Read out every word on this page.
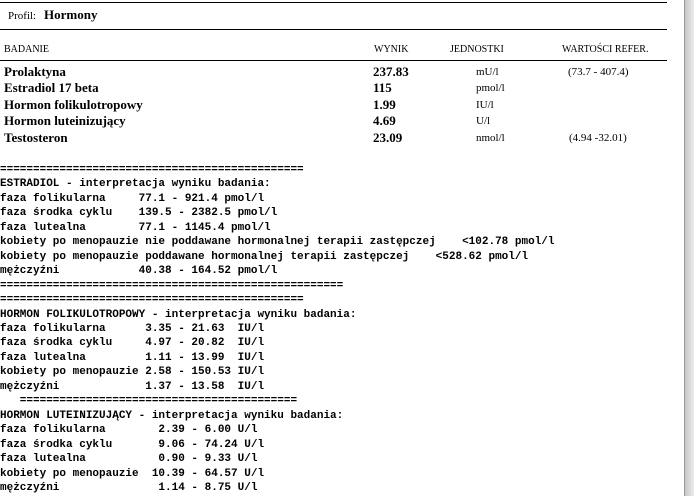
Profil: Hormony
BADANIE	WYNIK	JEDNOSTKI	WARTOŚCI REFER.
Prolaktyna	237.83	mU/l	(73.7 - 407.4)
Estradiol 17 beta	115	pmol/l
Hormon folikulotropowy	1.99	IU/l
Hormon luteinizujący	4.69	U/l
Testosteron	23.09	nmol/l	(4.94 -32.01)
==============================================
ESTRADIOL - interpretacja wyniku badania:
faza folikularna     77.1 - 921.4 pmol/l
faza środka cyklu    139.5 - 2382.5 pmol/l
faza lutealna        77.1 - 1145.4 pmol/l
kobiety po menopauzie nie poddawane hormonalnej terapii zastępczej    <102.78 pmol/l
kobiety po menopauzie poddawane hormonalnej terapii zastępczej    <528.62 pmol/l
mężczyźni            40.38 - 164.52 pmol/l
====================================================
==============================================
HORMON FOLIKULOTROPOWY - interpretacja wyniku badania:
faza folikularna      3.35 - 21.63  IU/l
faza środka cyklu     4.97 - 20.82  IU/l
faza lutealna         1.11 - 13.99  IU/l
kobiety po menopauzie 2.58 - 150.53 IU/l
mężczyźni             1.37 - 13.58  IU/l
==========================================
HORMON LUTEINIZUJĄCY - interpretacja wyniku badania:
faza folikularna        2.39 - 6.00 U/l
faza środka cyklu       9.06 - 74.24 U/l
faza lutealna           0.90 - 9.33 U/l
kobiety po menopauzie  10.39 - 64.57 U/l
mężczyźni               1.14 - 8.75 U/l
